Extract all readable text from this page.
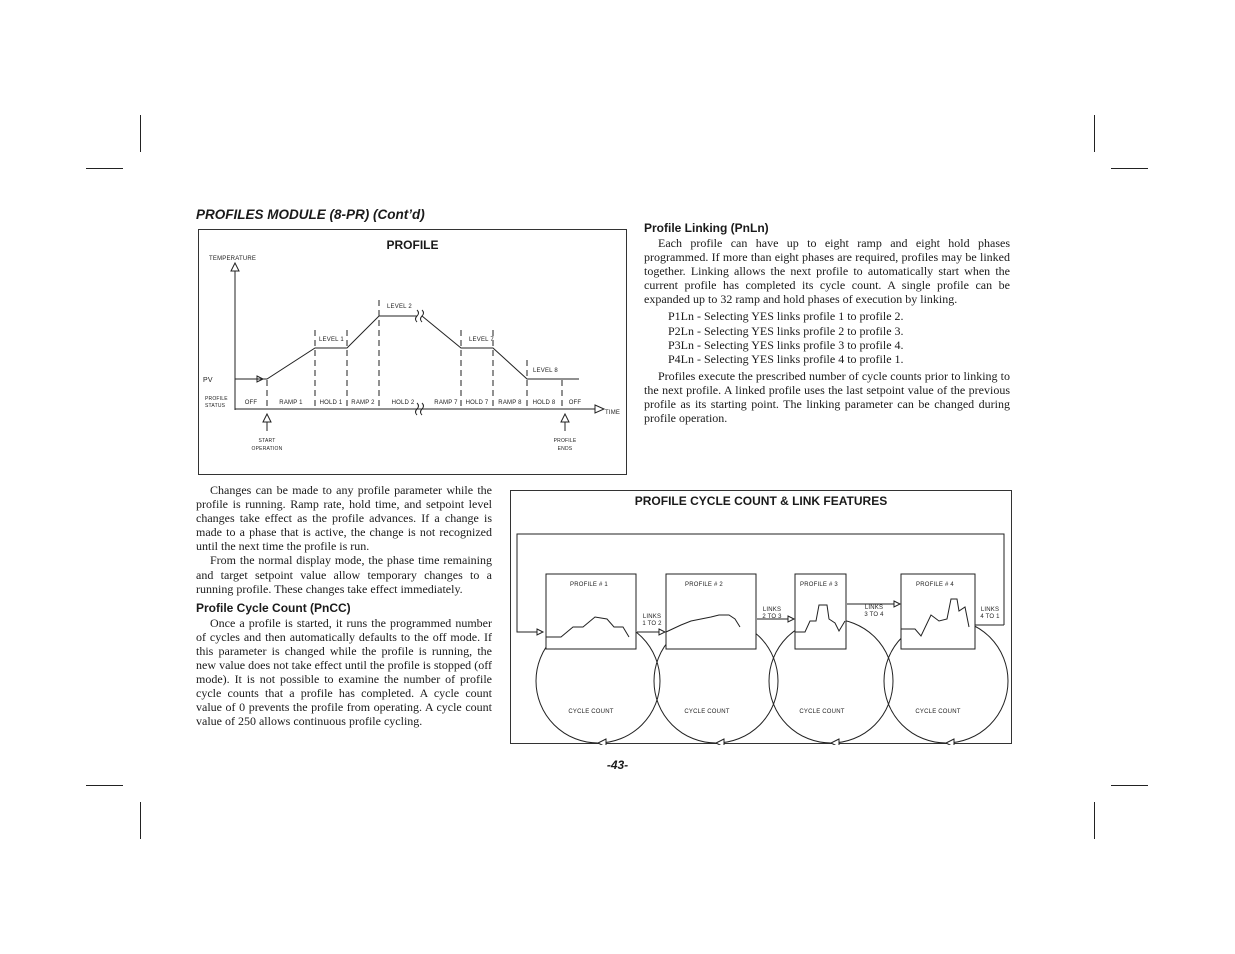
PROFILES MODULE (8-PR) (Cont’d)
PROFILE
TEMPERATURE
TIME
PV
PROFILE
STATUS
LEVEL 1
LEVEL 2
LEVEL 7
LEVEL 8
OFF	RAMP 1	HOLD 1 RAMP 2	HOLD 2	RAMP 7 HOLD 7 RAMP 8 HOLD 8 OFF
START
OPERATION
PROFILE
ENDS
Profile Linking (PnLn)

Each profile can have up to eight ramp and eight hold phases programmed. If more than eight phases are required, profiles may be linked together. Linking allows the next profile to automatically start when the current profile has completed its cycle count. A single profile can be expanded up to 32 ramp and hold phases of execution by linking.

P1Ln - Selecting YES links profile 1 to profile 2.
P2Ln - Selecting YES links profile 2 to profile 3.
P3Ln - Selecting YES links profile 3 to profile 4.
P4Ln - Selecting YES links profile 4 to profile 1.

Profiles execute the prescribed number of cycle counts prior to linking to the next profile. A linked profile uses the last setpoint value of the previous profile as its starting point. The linking parameter can be changed during profile operation.

Changes can be made to any profile parameter while the profile is running. Ramp rate, hold time, and setpoint level changes take effect as the profile advances. If a change is made to a phase that is active, the change is not recognized until the next time the profile is run.

From the normal display mode, the phase time remaining and target setpoint value allow temporary changes to a running profile. These changes take effect immediately.

Profile Cycle Count (PnCC)

Once a profile is started, it runs the programmed number of cycles and then automatically defaults to the off mode. If this parameter is changed while the profile is running, the new value does not take effect until the profile is stopped (off mode). It is not possible to examine the number of profile cycle counts that a profile has completed. A cycle count value of 0 prevents the profile from operating. A cycle count value of 250 allows continuous profile cycling.

PROFILE CYCLE COUNT & LINK FEATURES
PROFILE # 1	PROFILE # 2	PROFILE # 3	PROFILE # 4
CYCLE COUNT	CYCLE COUNT	CYCLE COUNT	CYCLE COUNT
LINKS
1 TO 2
LINKS
2 TO 3
LINKS
3 TO 4
LINKS
4 TO 1
-43-
